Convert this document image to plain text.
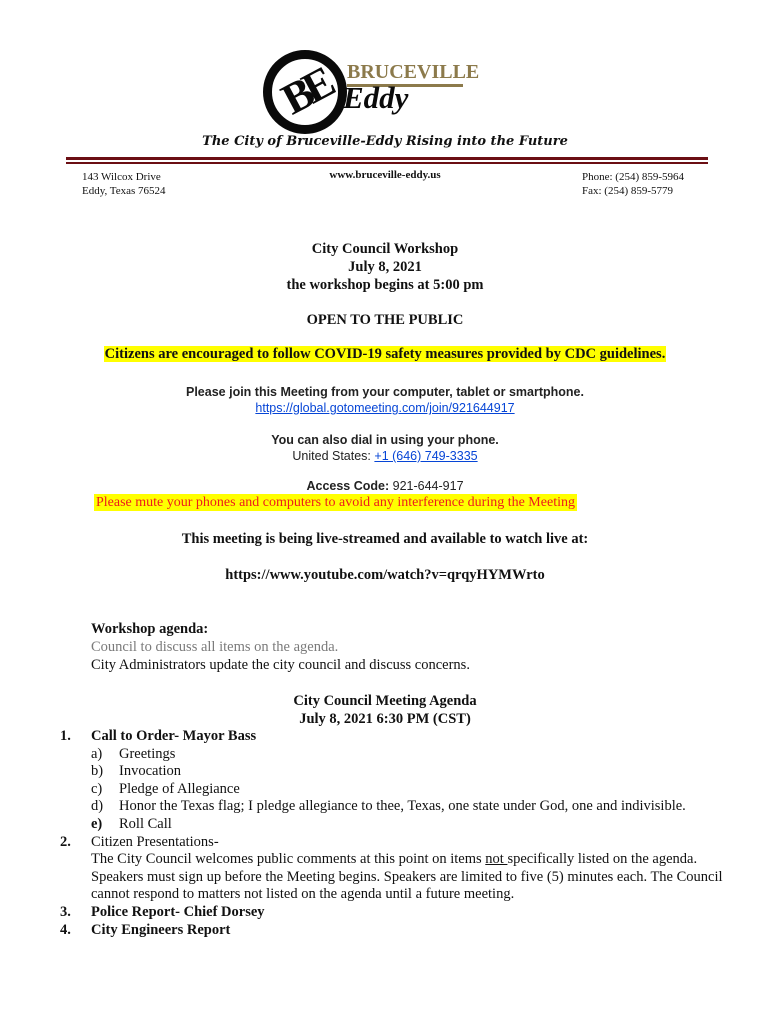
BE BRUCEVILLE
Eddy
The City of Bruceville-Eddy Rising into the Future
143 Wilcox Drive
Eddy, Texas 76524
www.bruceville-eddy.us	Phone: (254) 859-5964
Fax: (254) 859-5779
City Council Workshop
July 8, 2021
the workshop begins at 5:00 pm
OPEN TO THE PUBLIC
Citizens are encouraged to follow COVID-19 safety measures provided by CDC guidelines.
Please join this Meeting from your computer, tablet or smartphone.
https://global.gotomeeting.com/join/921644917
You can also dial in using your phone.
United States: +1 (646) 749-3335
Access Code: 921-644-917
Please mute your phones and computers to avoid any interference during the Meeting
This meeting is being live-streamed and available to watch live at:
https://www.youtube.com/watch?v=qrqyHYMWrto
Workshop agenda:
Council to discuss all items on the agenda.
City Administrators update the city council and discuss concerns.
City Council Meeting Agenda
July 8, 2021 6:30 PM (CST)
1. Call to Order- Mayor Bass
a) Greetings
b) Invocation
c) Pledge of Allegiance
d) Honor the Texas flag; I pledge allegiance to thee, Texas, one state under God, one and indivisible.
e) Roll Call
2. Citizen Presentations-
The City Council welcomes public comments at this point on items not specifically listed on the agenda. Speakers must sign up before the Meeting begins. Speakers are limited to five (5) minutes each. The Council cannot respond to matters not listed on the agenda until a future meeting.
3. Police Report- Chief Dorsey
4. City Engineers Report
